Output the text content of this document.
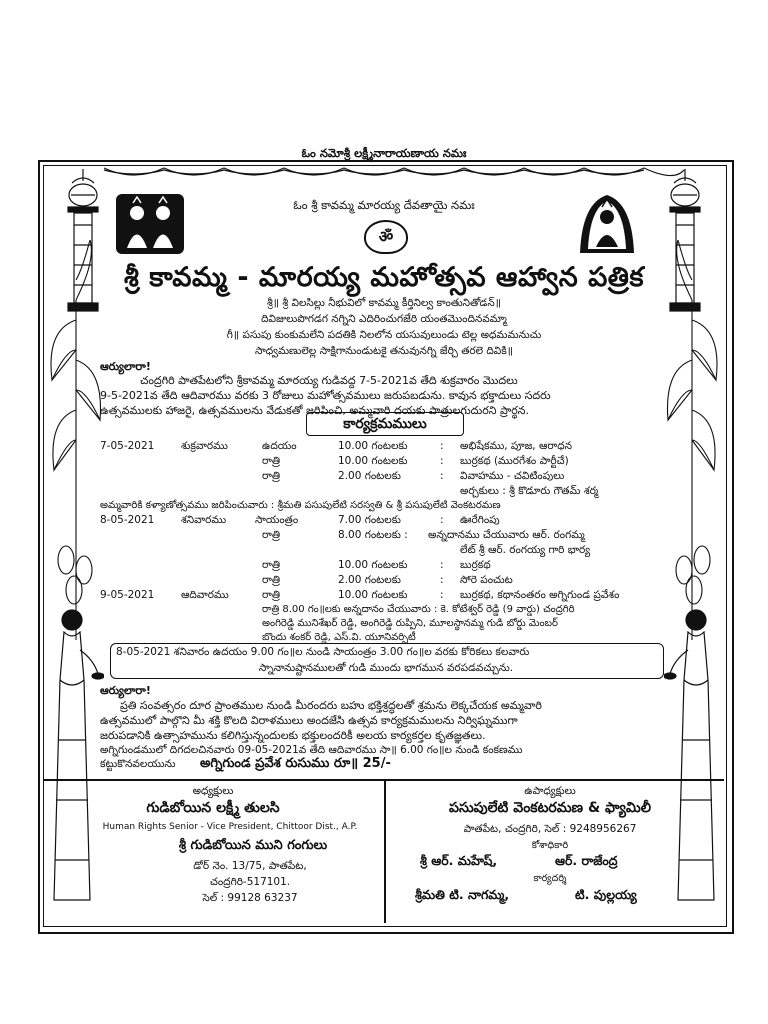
ఓం నమోశ్రీ లక్ష్మీనారాయణాయ నమః
ఓం శ్రీ కావమ్మ మారయ్య దేవతాయై నమః
ॐ
శ్రీ కావమ్మ - మారయ్య మహోత్సవ ఆహ్వాన పత్రిక
శ్రీ॥ శ్రీ విలసిల్లు నీభువిలో కావమ్మ కీర్తినిల్వ కాంతునితోడన్॥
దివిజులుపొగడగ నగ్నిని ఎదిరించుగజేరి యంతమొందినవమ్మా
గీ॥ పసుపు కుంకుమలేని పదతికి నిలలోన యసువులుండు టెల్ల అధమమనుచు
సాధ్వమణులెల్ల సాక్షిగానుండుటకై తనువునగ్ని జేర్చి తరలె దివికి॥
ఆర్యులారా!
చంద్రగిరి పాతపేటలోని శ్రీకావమ్మ మారయ్య గుడివద్ద 7-5-2021వ తేది శుక్రవారం మొదలు
9-5-2021వ తేది ఆదివారము వరకు 3 రోజులు మహోత్సవములు జరుపబడును. కావున భక్తాదులు సదరు
ఉత్సవములకు హాజరై, ఉత్సవములను వేడుకతో జరిపించి, అమ్మవారి దయకు పాత్రులగుదురని ప్రార్థన.
కార్యక్రమములు
7-05-2021	శుక్రవారము	ఉదయం	10.00 గంటలకు	: అభిషేకము, పూజ, ఆరాధన
రాత్రి	10.00 గంటలకు	: బుర్రకథ (మురగేశం పార్టీచే)
రాత్రి	2.00 గంటలకు	: వివాహము - చవిటింపులు
అర్చకులు : శ్రీ కొడూరు గౌతమ్ శర్మ
అమ్మవారికి కళ్యాణోత్సవము జరిపించువారు : శ్రీమతి పసుపులేటి సరస్వతి & శ్రీ పసుపులేటి వెంకటరమణ
8-05-2021	శనివారము	సాయంత్రం	7.00 గంటలకు	: ఊరేగింపు
రాత్రి	8.00 గంటలకు : అన్నదానము చేయువారు ఆర్. రంగమ్మ
లేట్ శ్రీ ఆర్. రంగయ్య గారి భార్య
రాత్రి	10.00 గంటలకు	: బుర్రకథ
రాత్రి	2.00 గంటలకు	: సోరె పంచుట
9-05-2021	ఆదివారము	రాత్రి	10.00 గంటలకు	: బుర్రకథ, కథానంతరం అగ్నిగుండ ప్రవేశం
రాత్రి 8.00 గం॥లకు అన్నదానం చేయువారు : కె. కోటేశ్వర్ రెడ్డి (9 వార్డు) చంద్రగిరి
అంగిరెడ్డి మునిశేఖర్ రెడ్డి, అంగిరెడ్డి రుప్పిని, మూలస్థానమ్మ గుడి బోర్డు మెంబర్
బొందు శంకర్ రెడ్డి, ఎస్.వి. యూనివర్సిటీ
8-05-2021 శనివారం ఉదయం 9.00 గం॥ల నుండి సాయంత్రం 3.00 గం॥ల వరకు కోరికలు కలవారు
స్నానానుష్టానములతో గుడి ముందు భాగమున వరపడవచ్చును.
ఆర్యులారా!
ప్రతి సంవత్సరం దూర ప్రాంతముల నుండి మీరందరు బహు భక్తిశ్రద్ధలతో శ్రమను లెక్కచేయక అమ్మవారి
ఉత్సవములో పాల్గొని మీ శక్తి కొలది విరాళములు అందజేసి ఉత్సవ కార్యక్రమములను నిర్విఘ్నముగా
జరుపడానికి ఉత్సాహమును కలిగిస్తున్నందులకు భక్తులందరికీ అలయ కార్యకర్తల కృతజ్ఞతలు.
అగ్నిగుండములో దిగదలచినవారు 09-05-2021వ తేది ఆదివారము సా॥ 6.00 గం॥ల నుండి కంకణము
కట్టుకొనవలయును అగ్నిగుండ ప్రవేశ రుసుము రూ॥ 25/-
అధ్యక్షులు
గుడిబోయిన లక్ష్మీ తులసి
Human Rights Senior - Vice President, Chittoor Dist., A.P.
శ్రీ గుడిబోయిన ముని గంగులు
డోర్ నెం. 13/75, పాతపేట,
చంద్రగిరి-517101.
సెల్ : 99128 63237
ఉపాధ్యక్షులు
పసుపులేటి వెంకటరమణ & ఫ్యామిలీ
పాతపేట, చంద్రగిరి, సెల్ : 9248956267
కోశాధికారి
శ్రీ ఆర్. మహేష్,	ఆర్. రాజేంద్ర
కార్యదర్శి
శ్రీమతి టి. నాగమ్మ,	టి. పుల్లయ్య
